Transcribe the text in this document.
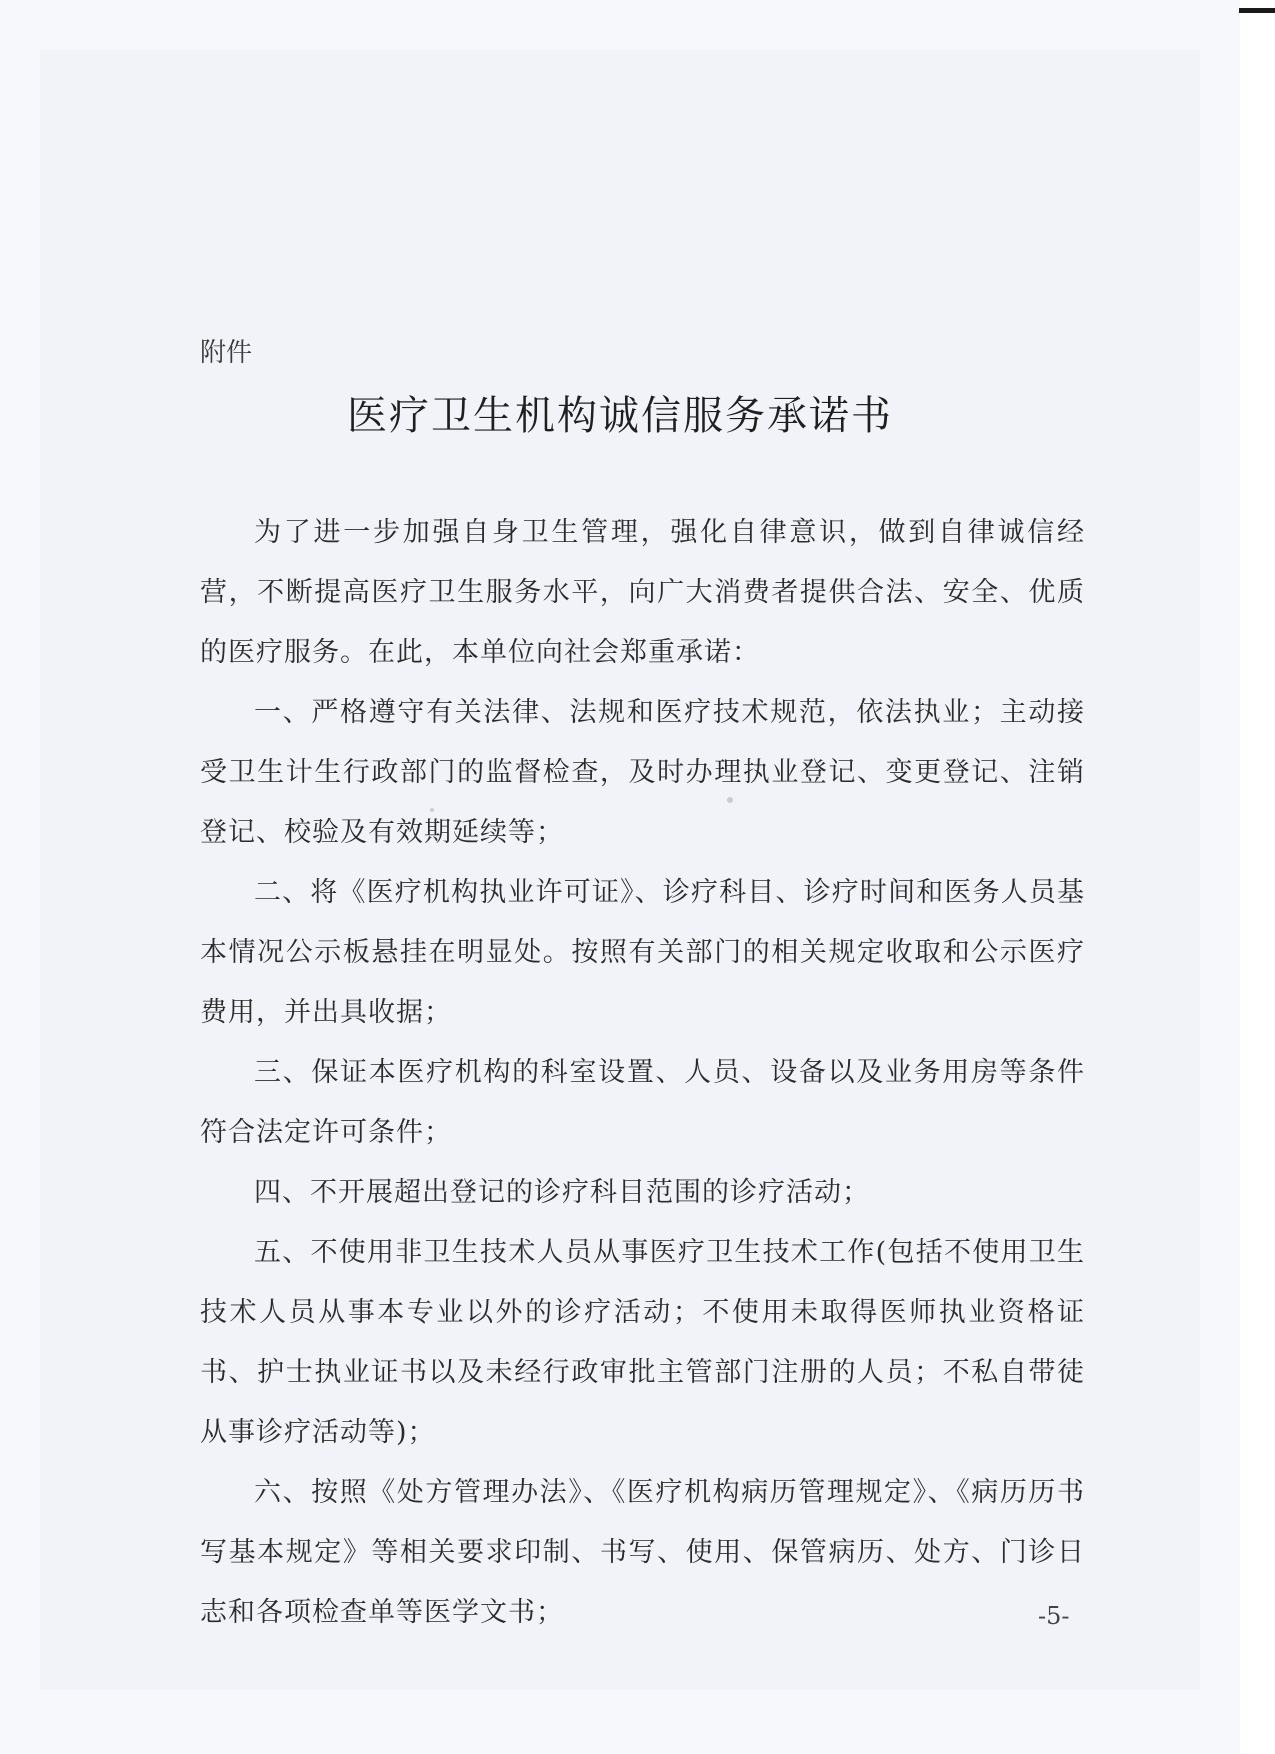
附件
医疗卫生机构诚信服务承诺书

为了进一步加强自身卫生管理，强化自律意识，做到自律诚信经营，不断提高医疗卫生服务水平，向广大消费者提供合法、安全、优质的医疗服务。在此，本单位向社会郑重承诺：

一、严格遵守有关法律、法规和医疗技术规范，依法执业；主动接受卫生计生行政部门的监督检查，及时办理执业登记、变更登记、注销登记、校验及有效期延续等；

二、将《医疗机构执业许可证》、诊疗科目、诊疗时间和医务人员基本情况公示板悬挂在明显处。按照有关部门的相关规定收取和公示医疗费用，并出具收据；

三、保证本医疗机构的科室设置、人员、设备以及业务用房等条件符合法定许可条件；

四、不开展超出登记的诊疗科目范围的诊疗活动；

五、不使用非卫生技术人员从事医疗卫生技术工作(包括不使用卫生技术人员从事本专业以外的诊疗活动；不使用未取得医师执业资格证书、护士执业证书以及未经行政审批主管部门注册的人员；不私自带徒从事诊疗活动等)；

六、按照《处方管理办法》、《医疗机构病历管理规定》、《病历历书写基本规定》等相关要求印制、书写、使用、保管病历、处方、门诊日志和各项检查单等医学文书；	-5-
